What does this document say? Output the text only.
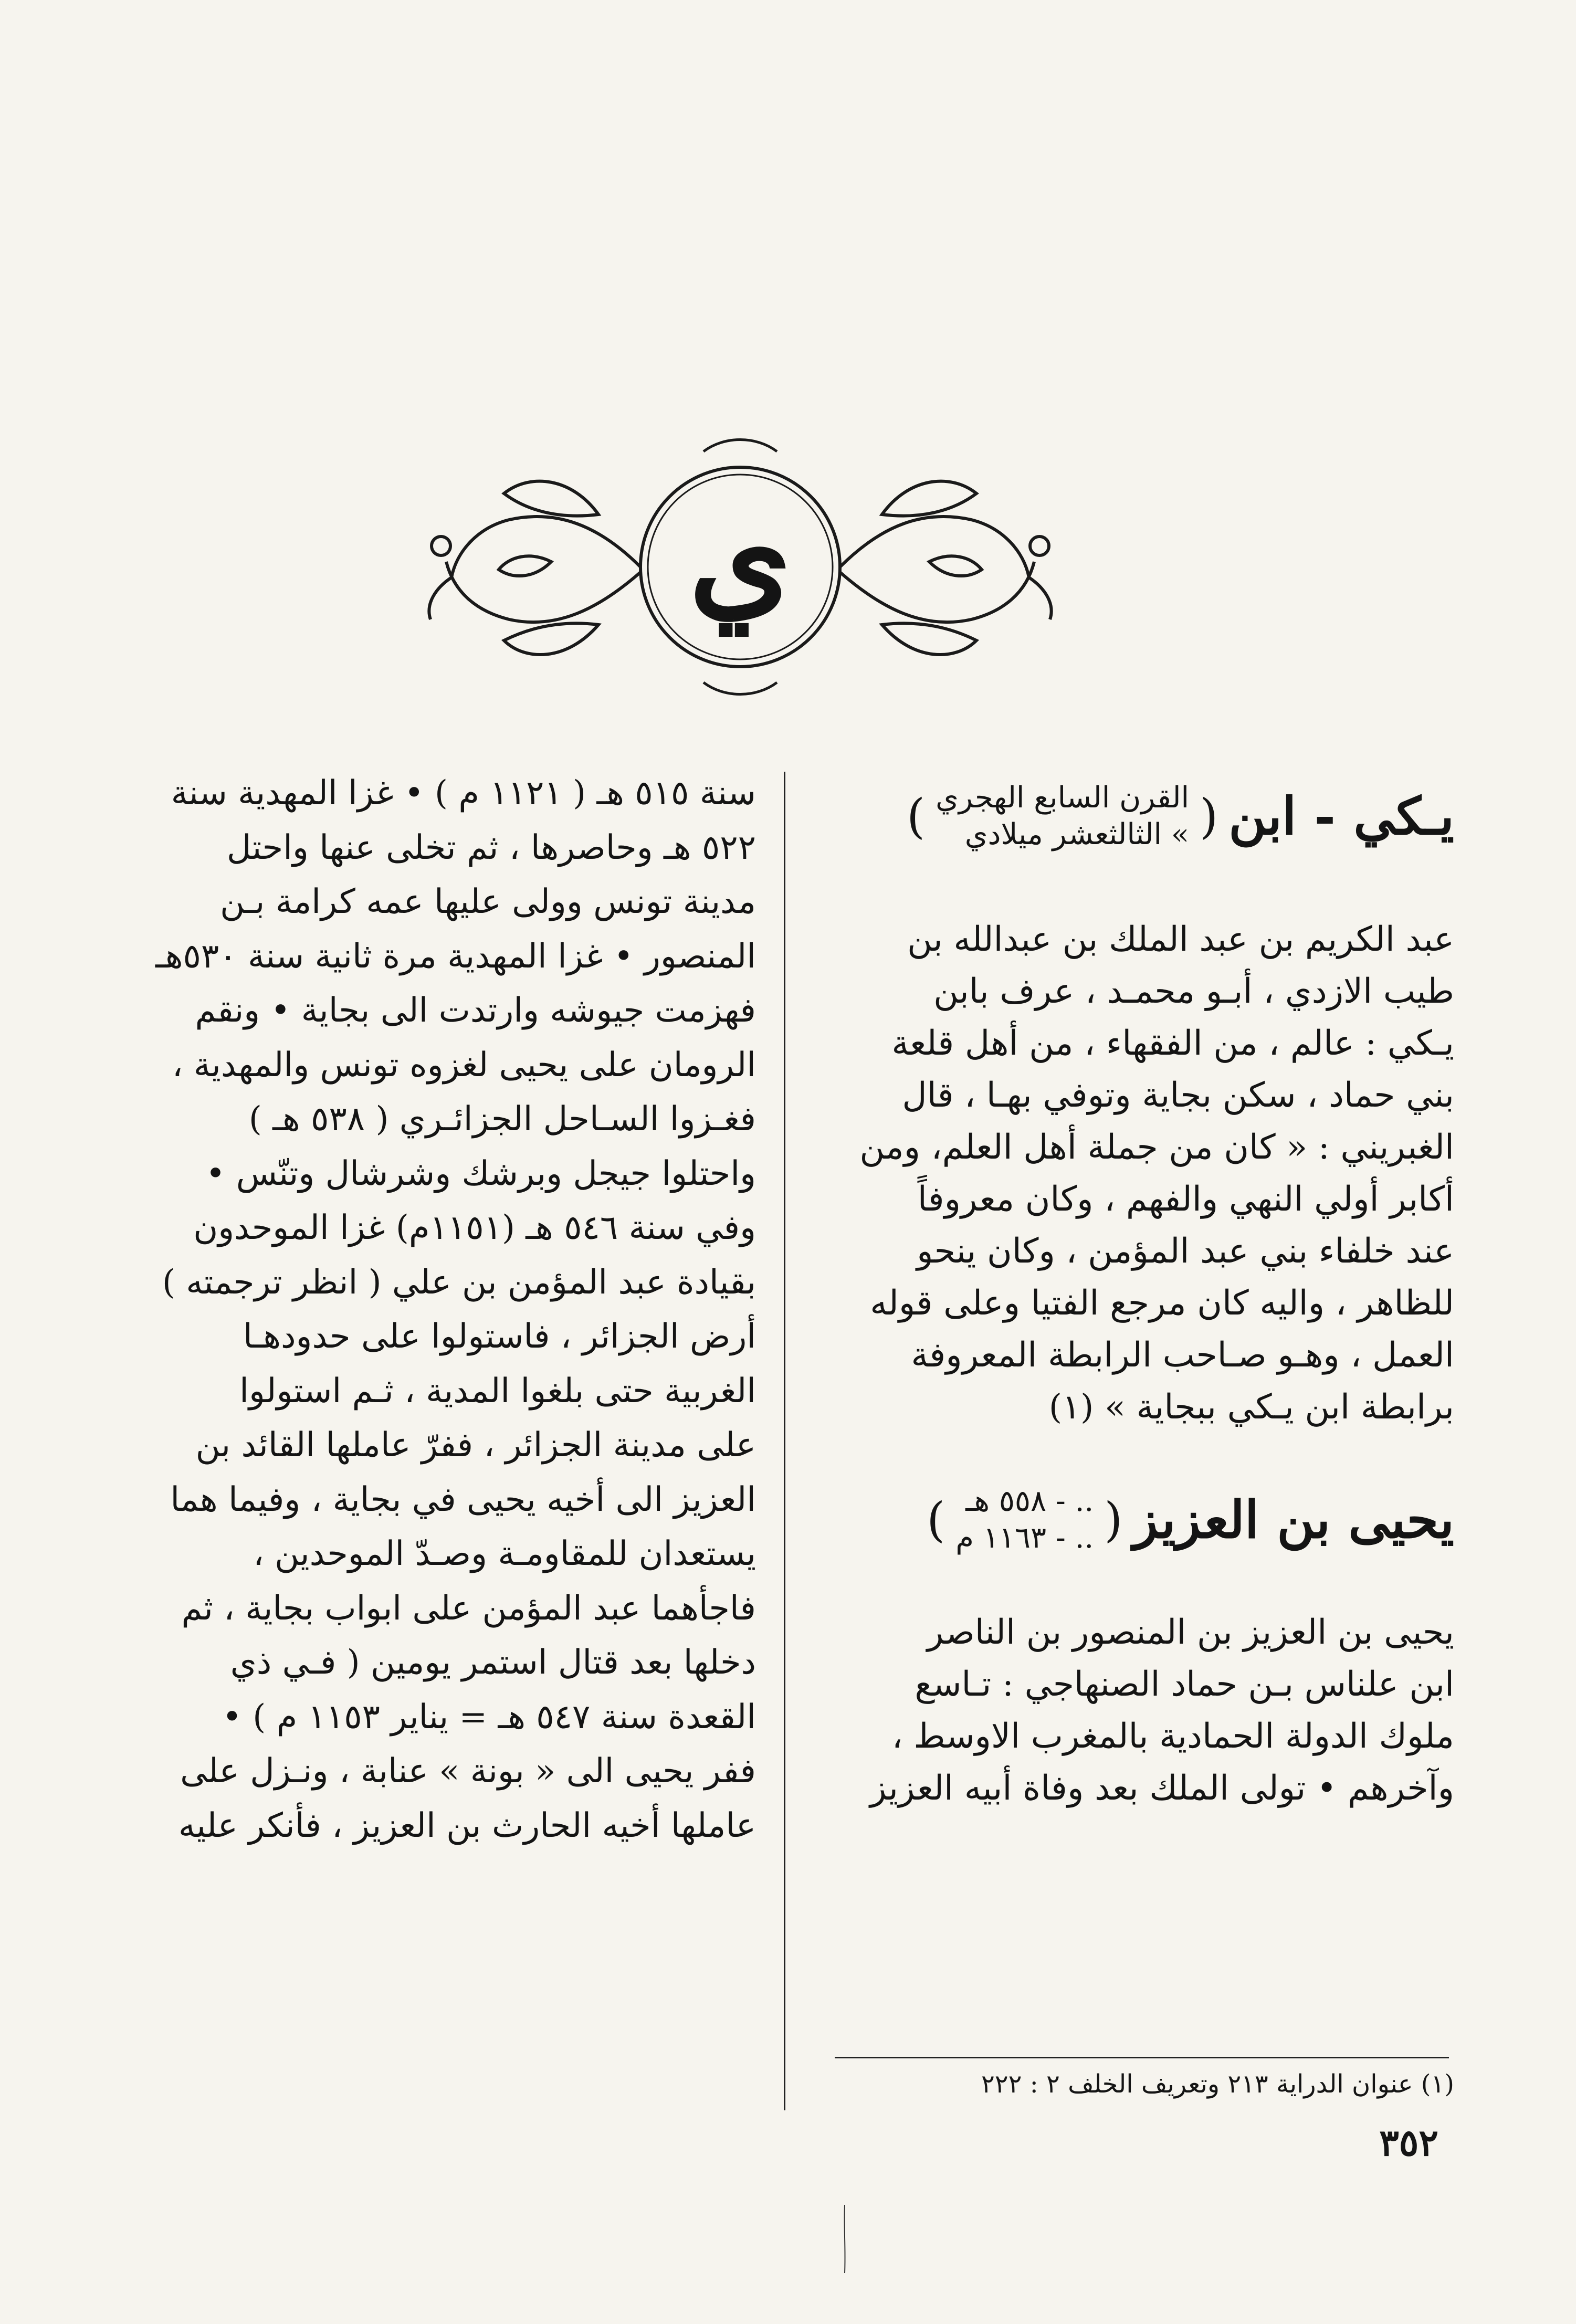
ي
يـكي - ابن
(
القرن السابع الهجري
» الثالثعشر ميلادي
)
عبد الكريم بن عبد الملك بن عبدالله بن
طيب الازدي ، أبـو محمـد ، عرف بابن
يـكي : عالم ، من الفقهاء ، من أهل قلعة
بني حماد ، سكن بجاية وتوفي بهـا ، قال
الغبريني : « كان من جملة أهل العلم، ومن
أكابر أولي النهي والفهم ، وكان معروفاً
عند خلفاء بني عبد المؤمن ، وكان ينحو
للظاهر ، واليه كان مرجع الفتيا وعلى قوله
العمل ، وهـو صـاحب الرابطة المعروفة
برابطة ابن يـكي ببجاية » (١)
يحيى بن العزيز
(
.. - ٥٥٨ هـ
.. - ١١٦٣ م
)
يحيى بن العزيز بن المنصور بن الناصر
ابن علناس بـن حماد الصنهاجي : تـاسع
ملوك الدولة الحمادية بالمغرب الاوسط ،
وآخرهم • تولى الملك بعد وفاة أبيه العزيز
سنة ٥١٥ هـ ( ١١٢١ م ) • غزا المهدية سنة
٥٢٢ هـ وحاصرها ، ثم تخلى عنها واحتل
مدينة تونس وولى عليها عمه كرامة بـن
المنصور • غزا المهدية مرة ثانية سنة ٥٣٠هـ
فهزمت جيوشه وارتدت الى بجاية • ونقم
الرومان على يحيى لغزوه تونس والمهدية ،
فغـزوا السـاحل الجزائـري ( ٥٣٨ هـ )
واحتلوا جيجل وبرشك وشرشال وتنّس •
وفي سنة ٥٤٦ هـ (١١٥١م) غزا الموحدون
بقيادة عبد المؤمن بن علي ( انظر ترجمته )
أرض الجزائر ، فاستولوا على حدودهـا
الغربية حتى بلغوا المدية ، ثـم استولوا
على مدينة الجزائر ، ففرّ عاملها القائد بن
العزيز الى أخيه يحيى في بجاية ، وفيما هما
يستعدان للمقاومـة وصـدّ الموحدين ،
فاجأهما عبد المؤمن على ابواب بجاية ، ثم
دخلها بعد قتال استمر يومين ( فـي ذي
القعدة سنة ٥٤٧ هـ = يناير ١١٥٣ م ) •
ففر يحيى الى « بونة » عنابة ، ونـزل على
عاملها أخيه الحارث بن العزيز ، فأنكر عليه
(١) عنوان الدراية ٢١٣ وتعريف الخلف ٢ : ٢٢٢
٣٥٢
